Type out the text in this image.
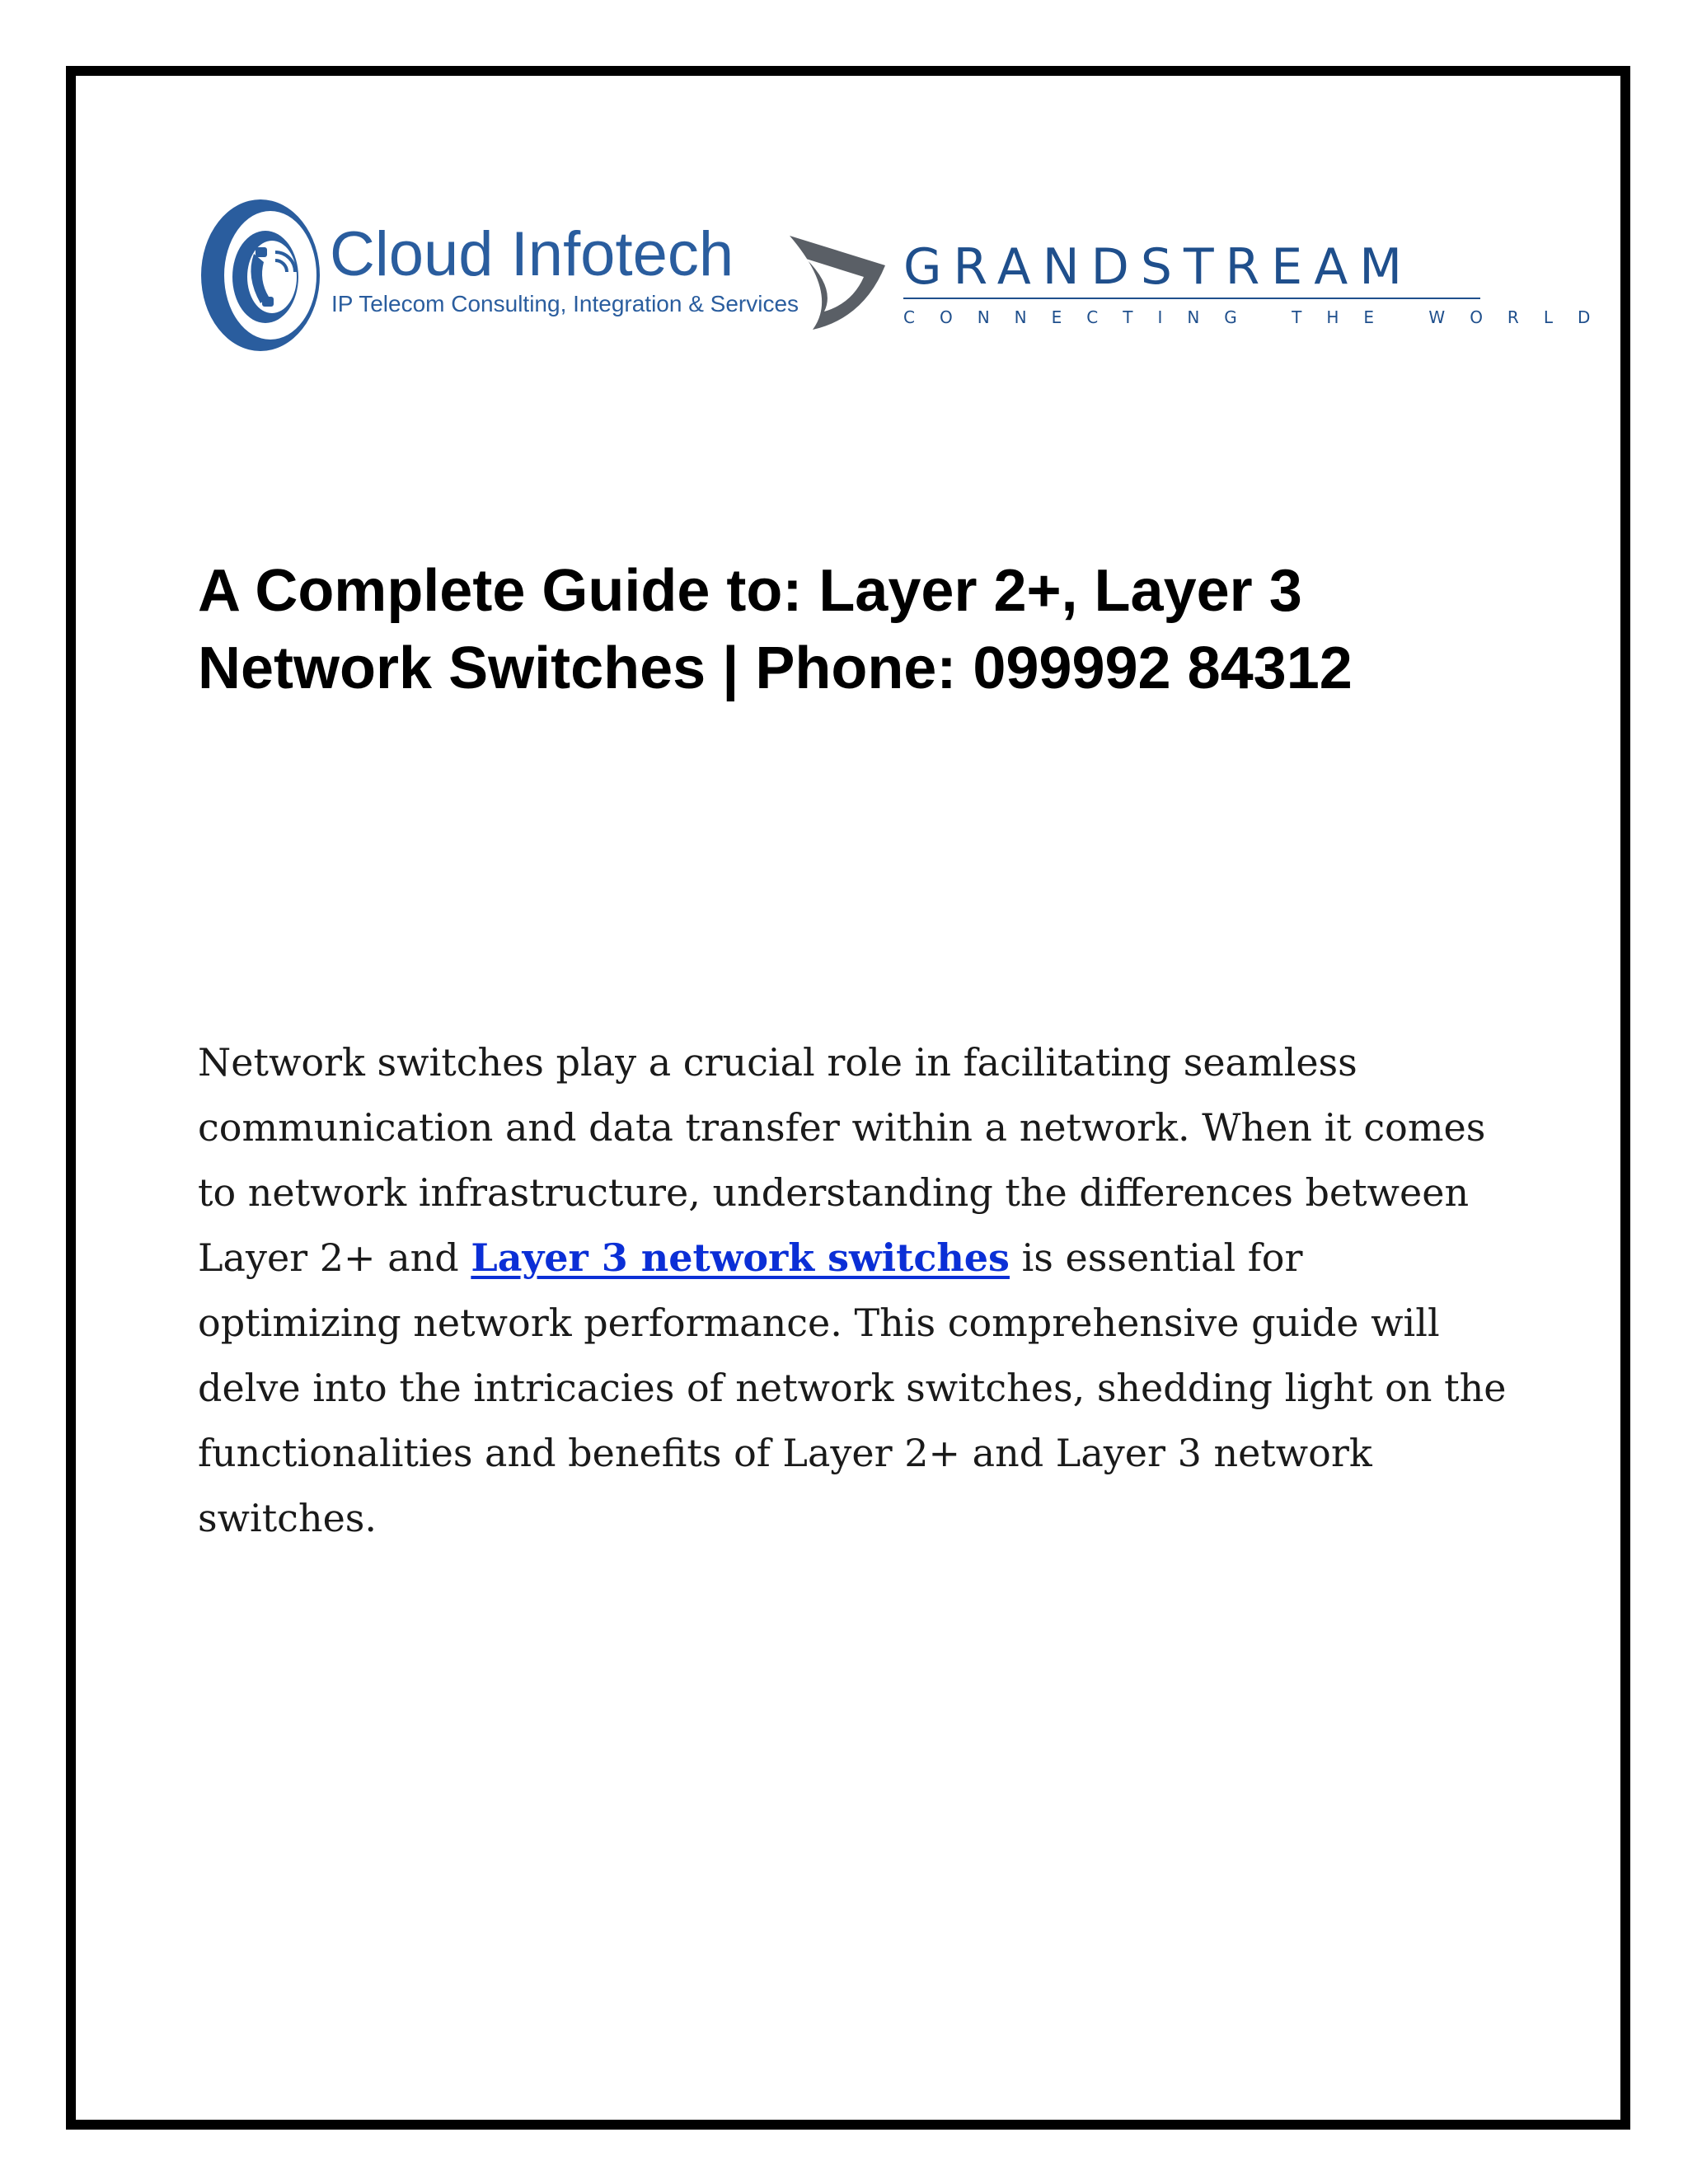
Cloud Infotech
IP Telecom Consulting, Integration & Services
GRANDSTREAM
CONNECTING THE WORLD
A Complete Guide to: Layer 2+, Layer 3 Network Switches | Phone: 099992 84312

Network switches play a crucial role in facilitating seamless communication and data transfer within a network. When it comes to network infrastructure, understanding the differences between Layer 2+ and Layer 3 network switches is essential for optimizing network performance. This comprehensive guide will delve into the intricacies of network switches, shedding light on the functionalities and benefits of Layer 2+ and Layer 3 network switches.
